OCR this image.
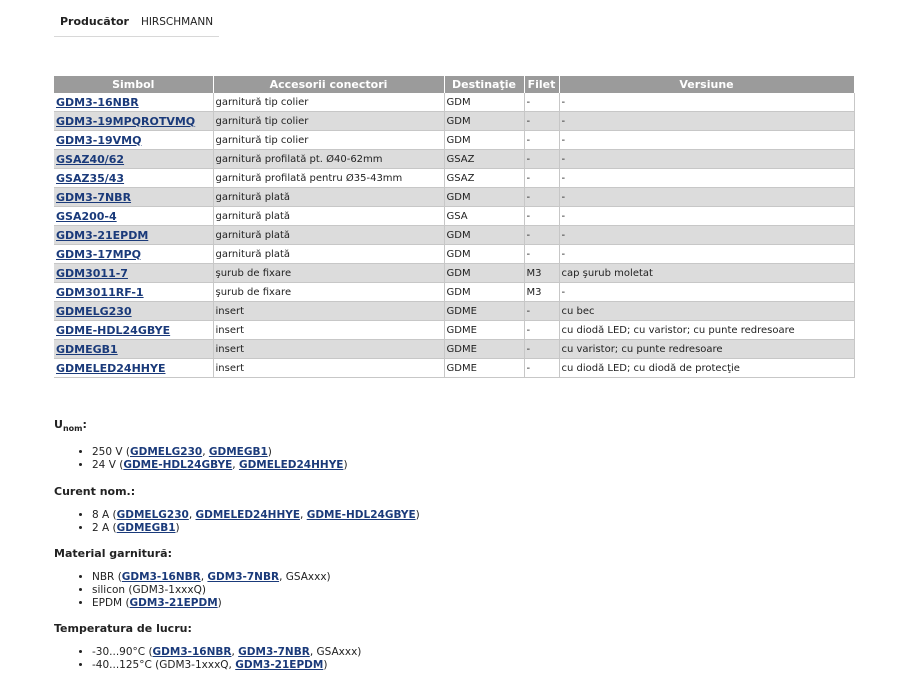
Producător	HIRSCHMANN
Simbol	Accesorii conectori	Destinaţie	Filet	Versiune
GDM3-16NBR	garnitură tip colier	GDM	-	-
GDM3-19MPQROTVMQ	garnitură tip colier	GDM	-	-
GDM3-19VMQ	garnitură tip colier	GDM	-	-
GSAZ40/62	garnitură profilată pt. Ø40-62mm	GSAZ	-	-
GSAZ35/43	garnitură profilată pentru Ø35-43mm	GSAZ	-	-
GDM3-7NBR	garnitură plată	GDM	-	-
GSA200-4	garnitură plată	GSA	-	-
GDM3-21EPDM	garnitură plată	GDM	-	-
GDM3-17MPQ	garnitură plată	GDM	-	-
GDM3011-7	şurub de fixare	GDM	M3	cap şurub moletat
GDM3011RF-1	şurub de fixare	GDM	M3	-
GDMELG230	insert	GDME	-	cu bec
GDME-HDL24GBYE	insert	GDME	-	cu diodă LED; cu varistor; cu punte redresoare
GDMEGB1	insert	GDME	-	cu varistor; cu punte redresoare
GDMELED24HHYE	insert	GDME	-	cu diodă LED; cu diodă de protecţie

$U_{nom}$:

• 250 V (GDMELG230, GDMEGB1)
• 24 V (GDME-HDL24GBYE, GDMELED24HHYE)

Curent nom.:

• 8 A (GDMELG230, GDMELED24HHYE, GDME-HDL24GBYE)
• 2 A (GDMEGB1)

Material garnitură:

• NBR (GDM3-16NBR, GDM3-7NBR, GSAxxx)
• silicon (GDM3-1xxxQ)
• EPDM (GDM3-21EPDM)

Temperatura de lucru:

• -30...90°C (GDM3-16NBR, GDM3-7NBR, GSAxxx)
• -40...125°C (GDM3-1xxxQ, GDM3-21EPDM)
